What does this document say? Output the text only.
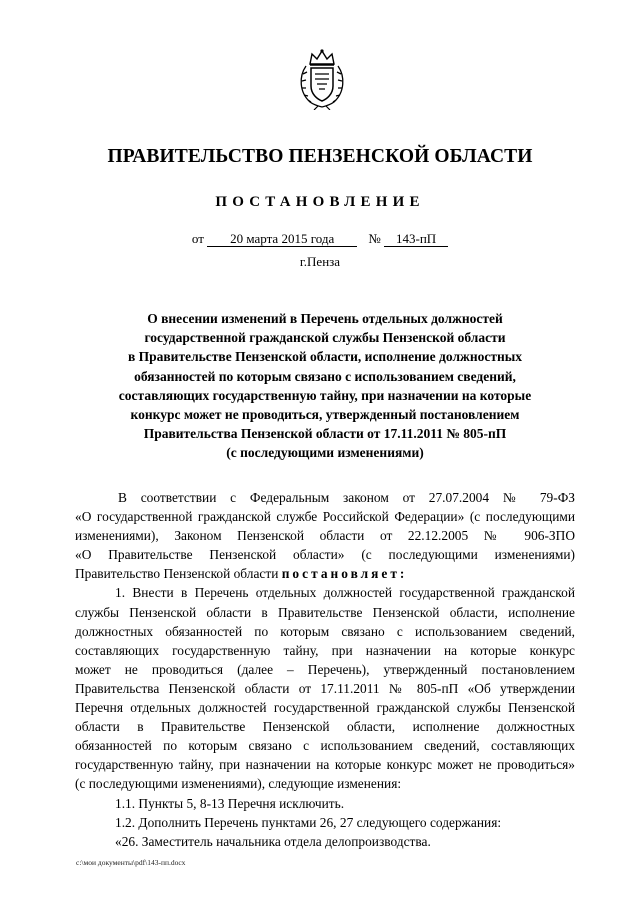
ПРАВИТЕЛЬСТВО ПЕНЗЕНСКОЙ ОБЛАСТИ
ПОСТАНОВЛЕНИЕ
от 20 марта 2015 года	№ 143-пП
г.Пенза
О внесении изменений в Перечень отдельных должностей
государственной гражданской службы Пензенской области
в Правительстве Пензенской области, исполнение должностных
обязанностей по которым связано с использованием сведений,
составляющих государственную тайну, при назначении на которые
конкурс может не проводиться, утвержденный постановлением
Правительства Пензенской области от 17.11.2011 № 805-пП
(с последующими изменениями)
В соответствии с Федеральным законом от 27.07.2004 № 79-ФЗ
«О государственной гражданской службе Российской Федерации» (с последующими
изменениями), Законом Пензенской области от 22.12.2005 № 906-ЗПО
«О Правительстве Пензенской области» (с последующими изменениями)
Правительство Пензенской области постановляет:
1. Внести в Перечень отдельных должностей государственной гражданской
службы Пензенской области в Правительстве Пензенской области, исполнение
должностных обязанностей по которым связано с использованием сведений,
составляющих государственную тайну, при назначении на которые конкурс
может не проводиться (далее – Перечень), утвержденный постановлением
Правительства Пензенской области от 17.11.2011 № 805-пП «Об утверждении
Перечня отдельных должностей государственной гражданской службы Пензенской
области в Правительстве Пензенской области, исполнение должностных
обязанностей по которым связано с использованием сведений, составляющих
государственную тайну, при назначении на которые конкурс может не проводиться»
(с последующими изменениями), следующие изменения:
1.1. Пункты 5, 8-13 Перечня исключить.
1.2. Дополнить Перечень пунктами 26, 27 следующего содержания:
«26. Заместитель начальника отдела делопроизводства.
c:\мои документы\pdf\143-пп.docx
